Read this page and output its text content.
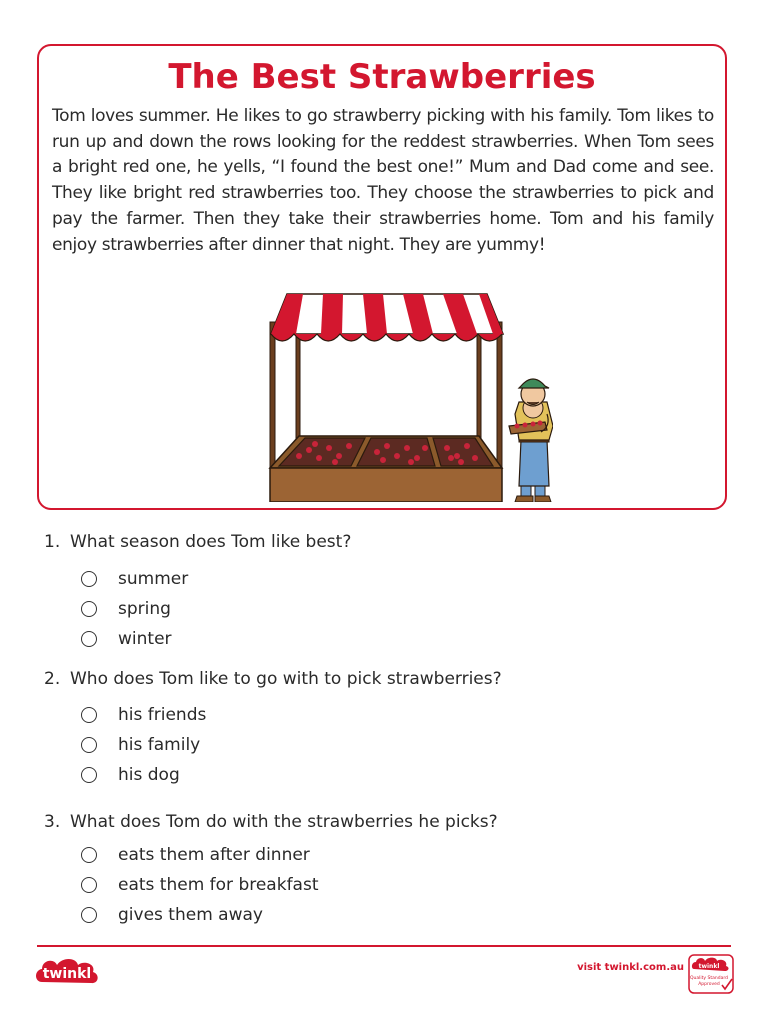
The Best Strawberries

Tom loves summer. He likes to go strawberry picking with his family. Tom likes to run up and down the rows looking for the reddest strawberries. When Tom sees a bright red one, he yells, “I found the best one!” Mum and Dad come and see. They like bright red strawberries too. They choose the strawberries to pick and pay the farmer. Then they take their strawberries home. Tom and his family enjoy strawberries after dinner that night. They are yummy!

1. What season does Tom like best?

summer
spring
winter

2. Who does Tom like to go with to pick strawberries?

his friends
his family
his dog

3. What does Tom do with the strawberries he picks?

eats them after dinner
eats them for breakfast
gives them away
twinkl	visit twinkl.com.au twinkl
Quality Standard
Approved
